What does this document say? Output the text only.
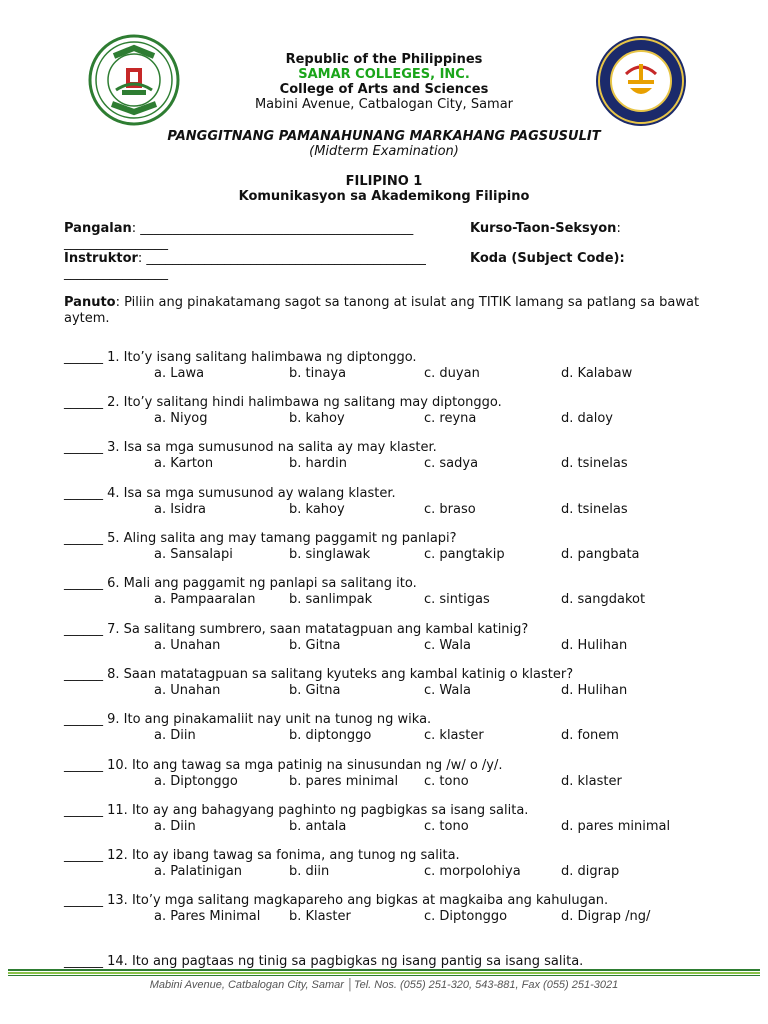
Republic of the Philippines
SAMAR COLLEGES, INC.
College of Arts and Sciences
Mabini Avenue, Catbalogan City, Samar
PANGGITNANG PAMANAHUNANG MARKAHANG PAGSUSULIT
(Midterm Examination)
FILIPINO 1
Komunikasyon sa Akademikong Filipino
Pangalan: __________________________________________	Kurso-Taon-Seksyon:
________________
Instruktor: ___________________________________________	Koda (Subject Code):
________________
Panuto: Piliin ang pinakatamang sagot sa tanong at isulat ang TITIK lamang sa patlang sa bawat aytem.
______ 1. Ito’y isang salitang halimbawa ng diptonggo.
a. Lawa	b. tinaya	c. duyan	d. Kalabaw
______ 2. Ito’y salitang hindi halimbawa ng salitang may diptonggo.
a. Niyog	b. kahoy	c. reyna	d. daloy
______ 3. Isa sa mga sumusunod na salita ay may klaster.
a. Karton	b. hardin	c. sadya	d. tsinelas
______ 4. Isa sa mga sumusunod ay walang klaster.
a. Isidra	b. kahoy	c. braso	d. tsinelas
______ 5. Aling salita ang may tamang paggamit ng panlapi?
a. Sansalapi	b. singlawak	c. pangtakip	d. pangbata
______ 6. Mali ang paggamit ng panlapi sa salitang ito.
a. Pampaaralan	b. sanlimpak	c. sintigas	d. sangdakot
______ 7. Sa salitang sumbrero, saan matatagpuan ang kambal katinig?
a. Unahan	b. Gitna	c. Wala	d. Hulihan
______ 8. Saan matatagpuan sa salitang kyuteks ang kambal katinig o klaster?
a. Unahan	b. Gitna	c. Wala	d. Hulihan
______ 9. Ito ang pinakamaliit nay unit na tunog ng wika.
a. Diin	b. diptonggo	c. klaster	d. fonem
______ 10. Ito ang tawag sa mga patinig na sinusundan ng /w/ o /y/.
a. Diptonggo	b. pares minimal c. tono	d. klaster
______ 11. Ito ay ang bahagyang paghinto ng pagbigkas sa isang salita.
a. Diin	b. antala	c. tono	d. pares minimal
______ 12. Ito ay ibang tawag sa fonima, ang tunog ng salita.
a. Palatinigan	b. diin	c. morpolohiya	d. digrap
______ 13. Ito’y mga salitang magkapareho ang bigkas at magkaiba ang kahulugan.
a. Pares Minimal b. Klaster	c. Diptonggo	d. Digrap /ng/
______ 14. Ito ang pagtaas ng tinig sa pagbigkas ng isang pantig sa isang salita.
Mabini Avenue, Catbalogan City, Samar │Tel. Nos. (055) 251-320, 543-881, Fax (055) 251-3021
